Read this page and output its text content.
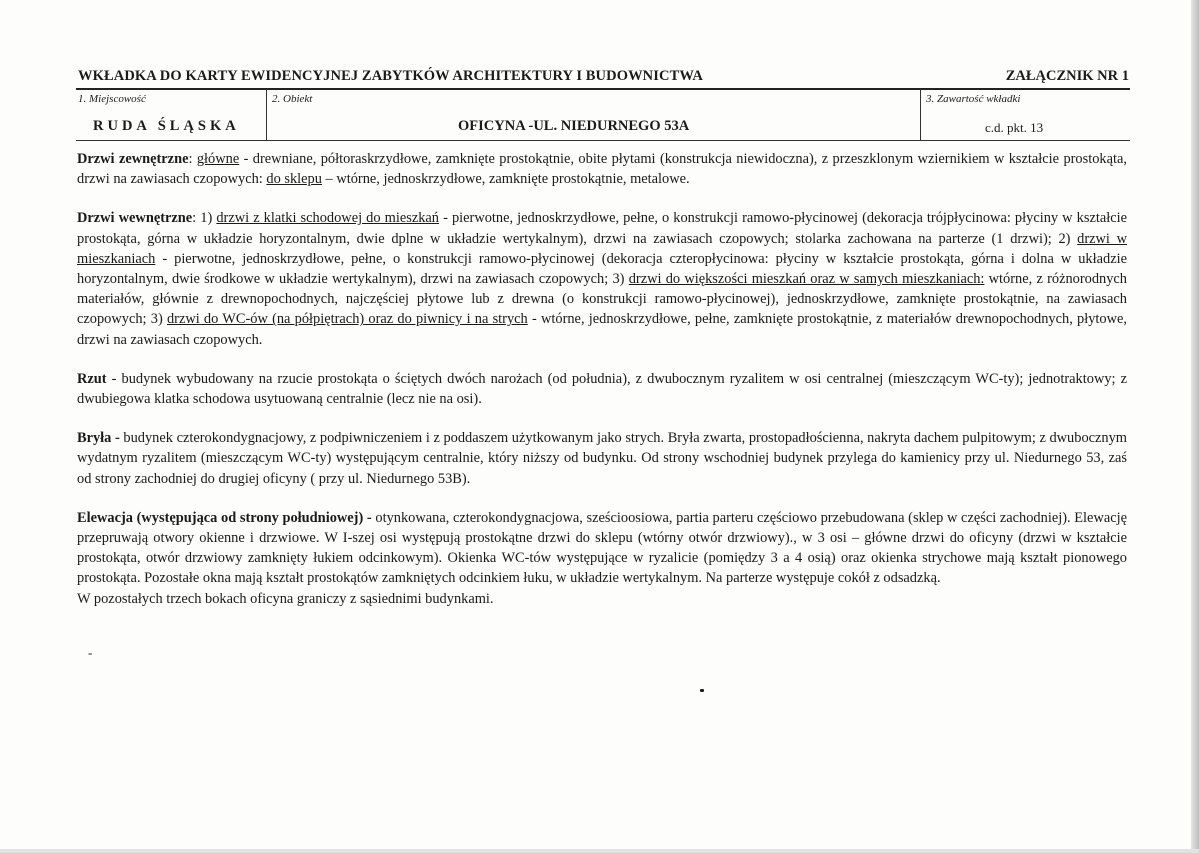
WKŁADKA DO KARTY EWIDENCYJNEJ ZABYTKÓW ARCHITEKTURY I BUDOWNICTWA	ZAŁĄCZNIK NR 1
1. Miejscowość	2. Obiekt	3. Zawartość wkładki
RUDA ŚLĄSKA	OFICYNA -UL. NIEDURNEGO 53A	c.d. pkt. 13

Drzwi zewnętrzne: główne - drewniane, półtoraskrzydłowe, zamknięte prostokątnie, obite płytami (konstrukcja niewidoczna), z przeszklonym wziernikiem w kształcie prostokąta, drzwi na zawiasach czopowych: do sklepu – wtórne, jednoskrzydłowe, zamknięte prostokątnie, metalowe.

Drzwi wewnętrzne: 1) drzwi z klatki schodowej do mieszkań - pierwotne, jednoskrzydłowe, pełne, o konstrukcji ramowo-płycinowej (dekoracja trójpłycinowa: płyciny w kształcie prostokąta, górna w układzie horyzontalnym, dwie dplne w układzie wertykalnym), drzwi na zawiasach czopowych; stolarka zachowana na parterze (1 drzwi); 2) drzwi w mieszkaniach - pierwotne, jednoskrzydłowe, pełne, o konstrukcji ramowo-płycinowej (dekoracja czteropłycinowa: płyciny w kształcie prostokąta, górna i dolna w układzie horyzontalnym, dwie środkowe w układzie wertykalnym), drzwi na zawiasach czopowych; 3) drzwi do większości mieszkań oraz w samych mieszkaniach: wtórne, z różnorodnych materiałów, głównie z drewnopochodnych, najczęściej płytowe lub z drewna (o konstrukcji ramowo-płycinowej), jednoskrzydłowe, zamknięte prostokątnie, na zawiasach czopowych; 3) drzwi do WC-ów (na półpiętrach) oraz do piwnicy i na strych - wtórne, jednoskrzydłowe, pełne, zamknięte prostokątnie, z materiałów drewnopochodnych, płytowe, drzwi na zawiasach czopowych.

Rzut - budynek wybudowany na rzucie prostokąta o ściętych dwóch narożach (od południa), z dwubocznym ryzalitem w osi centralnej (mieszczącym WC-ty); jednotraktowy; z dwubiegowa klatka schodowa usytuowaną centralnie (lecz nie na osi).

Bryła - budynek czterokondygnacjowy, z podpiwniczeniem i z poddaszem użytkowanym jako strych. Bryła zwarta, prostopadłościenna, nakryta dachem pulpitowym; z dwubocznym wydatnym ryzalitem (mieszczącym WC-ty) występującym centralnie, który niższy od budynku. Od strony wschodniej budynek przylega do kamienicy przy ul. Niedurnego 53, zaś od strony zachodniej do drugiej oficyny ( przy ul. Niedurnego 53B).

Elewacja (występująca od strony południowej) - otynkowana, czterokondygnacjowa, sześcioosiowa, partia parteru częściowo przebudowana (sklep w części zachodniej). Elewację przepruwają otwory okienne i drzwiowe. W I-szej osi występują prostokątne drzwi do sklepu (wtórny otwór drzwiowy)., w 3 osi – główne drzwi do oficyny (drzwi w kształcie prostokąta, otwór drzwiowy zamknięty łukiem odcinkowym). Okienka WC-tów występujące w ryzalicie (pomiędzy 3 a 4 osią) oraz okienka strychowe mają kształt pionowego prostokąta. Pozostałe okna mają kształt prostokątów zamkniętych odcinkiem łuku, w układzie wertykalnym. Na parterze występuje cokół z odsadzką.

W pozostałych trzech bokach oficyna graniczy z sąsiednimi budynkami.

-
